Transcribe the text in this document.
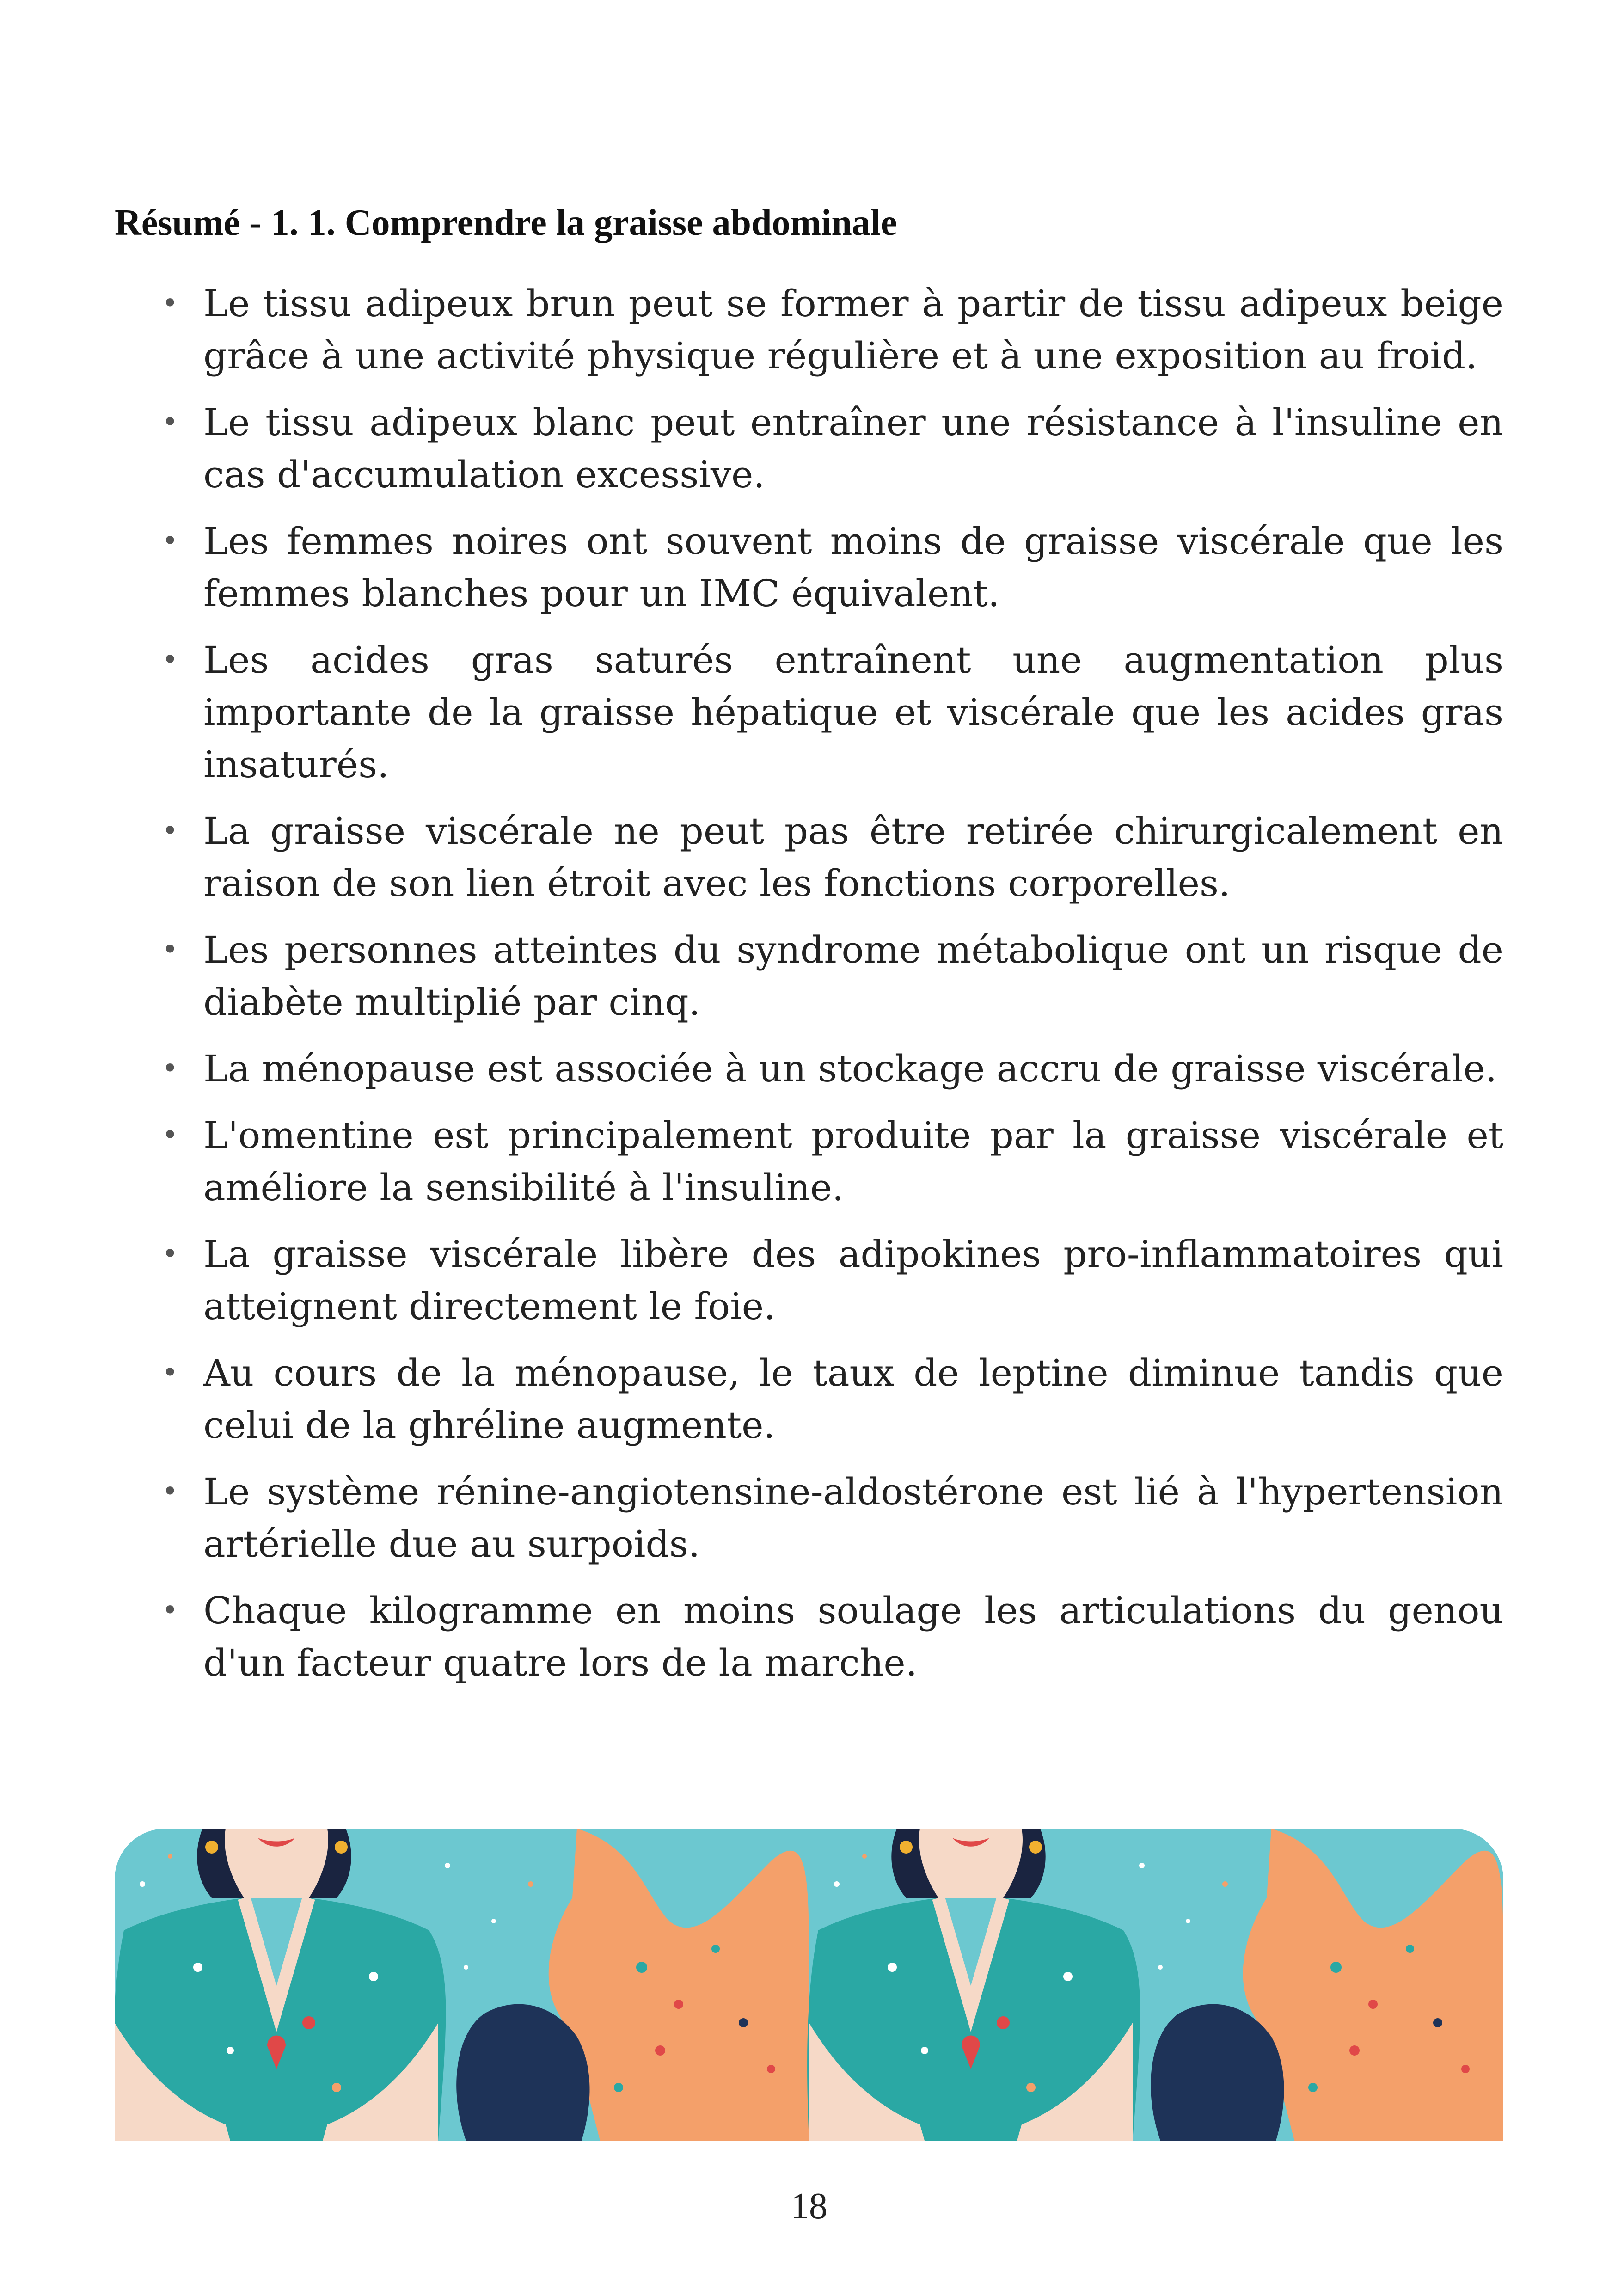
Résumé - 1. 1. Comprendre la graisse abdominale
• Le tissu adipeux brun peut se former à partir de tissu adipeux beige grâce à une activité physique régulière et à une exposition au froid.
• Le tissu adipeux blanc peut entraîner une résistance à l'insuline en cas d'accumulation excessive.
• Les femmes noires ont souvent moins de graisse viscérale que les femmes blanches pour un IMC équivalent.
• Les acides gras saturés entraînent une augmentation plus importante de la graisse hépatique et viscérale que les acides gras insaturés.
• La graisse viscérale ne peut pas être retirée chirurgicalement en raison de son lien étroit avec les fonctions corporelles.
• Les personnes atteintes du syndrome métabolique ont un risque de diabète multiplié par cinq.
• La ménopause est associée à un stockage accru de graisse viscérale.
• L'omentine est principalement produite par la graisse viscérale et améliore la sensibilité à l'insuline.
• La graisse viscérale libère des adipokines pro-inflammatoires qui atteignent directement le foie.
• Au cours de la ménopause, le taux de leptine diminue tandis que celui de la ghréline augmente.
• Le système rénine-angiotensine-aldostérone est lié à l'hypertension artérielle due au surpoids.
• Chaque kilogramme en moins soulage les articulations du genou d'un facteur quatre lors de la marche.
18
